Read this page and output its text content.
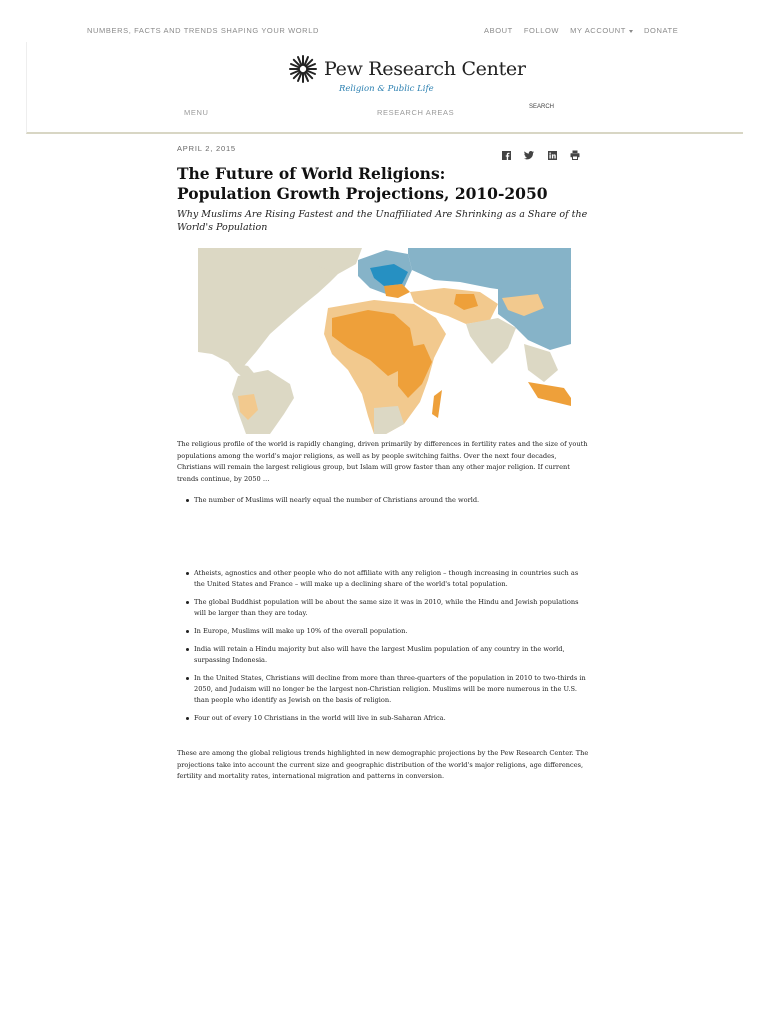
NUMBERS, FACTS AND TRENDS SHAPING YOUR WORLD	ABOUT FOLLOW MY ACCOUNT	DONATE
Pew Research Center
Religion & Public Life
MENU	RESEARCH AREAS
SEARCH
APRIL 2, 2015
The Future of World Religions:
Population Growth Projections, 2010-2050
Why Muslims Are Rising Fastest and the Unaffiliated Are Shrinking as a Share of the World's Population

The religious profile of the world is rapidly changing, driven primarily by differences in fertility rates and the size of youth populations among the world's major religions, as well as by people switching faiths. Over the next four decades, Christians will remain the largest religious group, but Islam will grow faster than any other major religion. If current trends continue, by 2050 …

The number of Muslims will nearly equal the number of Christians around the world.
Atheists, agnostics and other people who do not affiliate with any religion – though increasing in countries such as the United States and France – will make up a declining share of the world's total population.
The global Buddhist population will be about the same size it was in 2010, while the Hindu and Jewish populations will be larger than they are today.
In Europe, Muslims will make up 10% of the overall population.
India will retain a Hindu majority but also will have the largest Muslim population of any country in the world, surpassing Indonesia.
In the United States, Christians will decline from more than three-quarters of the population in 2010 to two-thirds in 2050, and Judaism will no longer be the largest non-Christian religion. Muslims will be more numerous in the U.S. than people who identify as Jewish on the basis of religion.
Four out of every 10 Christians in the world will live in sub-Saharan Africa.

These are among the global religious trends highlighted in new demographic projections by the Pew Research Center. The projections take into account the current size and geographic distribution of the world's major religions, age differences, fertility and mortality rates, international migration and patterns in conversion.
